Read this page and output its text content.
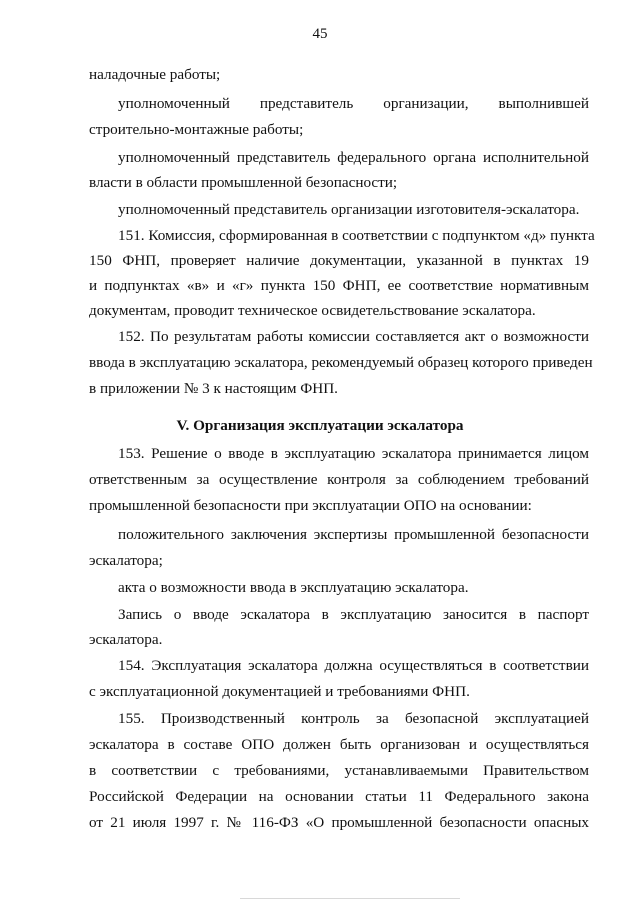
45
наладочные работы;
уполномоченный представитель организации, выполнившей
строительно-монтажные работы;
уполномоченный представитель федерального органа исполнительной
власти в области промышленной безопасности;
уполномоченный представитель организации изготовителя-эскалатора.
151. Комиссия, сформированная в соответствии с подпунктом «д» пункта
150 ФНП, проверяет наличие документации, указанной в пунктах 19
и подпунктах «в» и «г» пункта 150 ФНП, ее соответствие нормативным
документам, проводит техническое освидетельствование эскалатора.
152. По результатам работы комиссии составляется акт о возможности
ввода в эксплуатацию эскалатора, рекомендуемый образец которого приведен
в приложении № 3 к настоящим ФНП.
153. Решение о вводе в эксплуатацию эскалатора принимается лицом
ответственным за осуществление контроля за соблюдением требований
промышленной безопасности при эксплуатации ОПО на основании:
положительного заключения экспертизы промышленной безопасности
эскалатора;
акта о возможности ввода в эксплуатацию эскалатора.
Запись о вводе эскалатора в эксплуатацию заносится в паспорт
эскалатора.
154. Эксплуатация эскалатора должна осуществляться в соответствии
с эксплуатационной документацией и требованиями ФНП.
155. Производственный контроль за безопасной эксплуатацией
эскалатора в составе ОПО должен быть организован и осуществляться
в соответствии с требованиями, устанавливаемыми Правительством
Российской Федерации на основании статьи 11 Федерального закона
от 21 июля 1997 г. № 116-ФЗ «О промышленной безопасности опасных
V. Организация эксплуатации эскалатора
